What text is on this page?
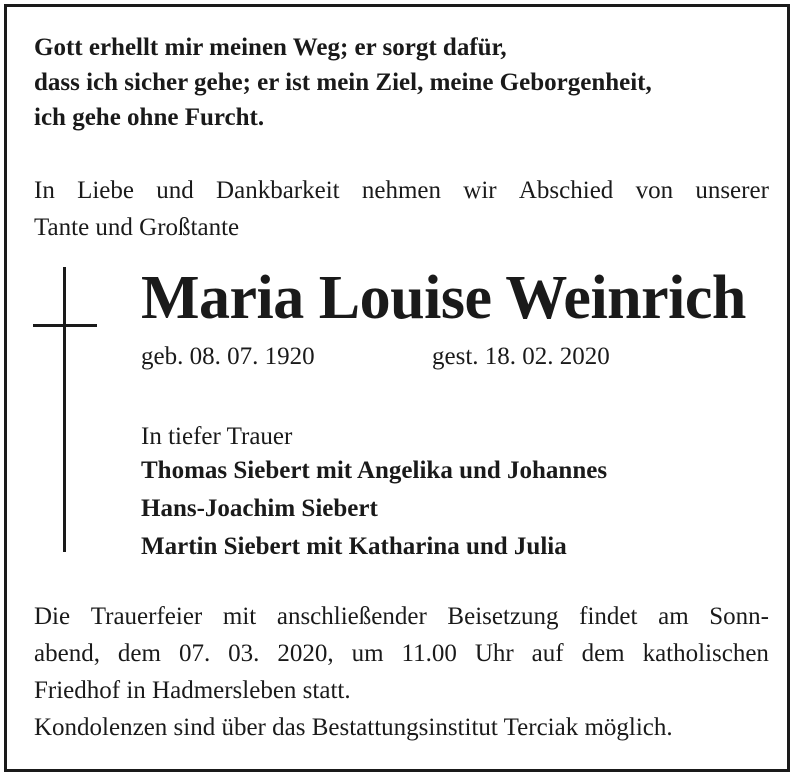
Gott erhellt mir meinen Weg; er sorgt dafür,
dass ich sicher gehe; er ist mein Ziel, meine Geborgenheit,
ich gehe ohne Furcht.
In Liebe und Dankbarkeit nehmen wir Abschied von unserer
Tante und Großtante
Maria Louise Weinrich
geb. 08. 07. 1920	gest. 18. 02. 2020
In tiefer Trauer
Thomas Siebert mit Angelika und Johannes
Hans-Joachim Siebert
Martin Siebert mit Katharina und Julia
Die Trauerfeier mit anschließender Beisetzung findet am Sonn-
abend, dem 07. 03. 2020, um 11.00 Uhr auf dem katholischen
Friedhof in Hadmersleben statt.
Kondolenzen sind über das Bestattungsinstitut Terciak möglich.
